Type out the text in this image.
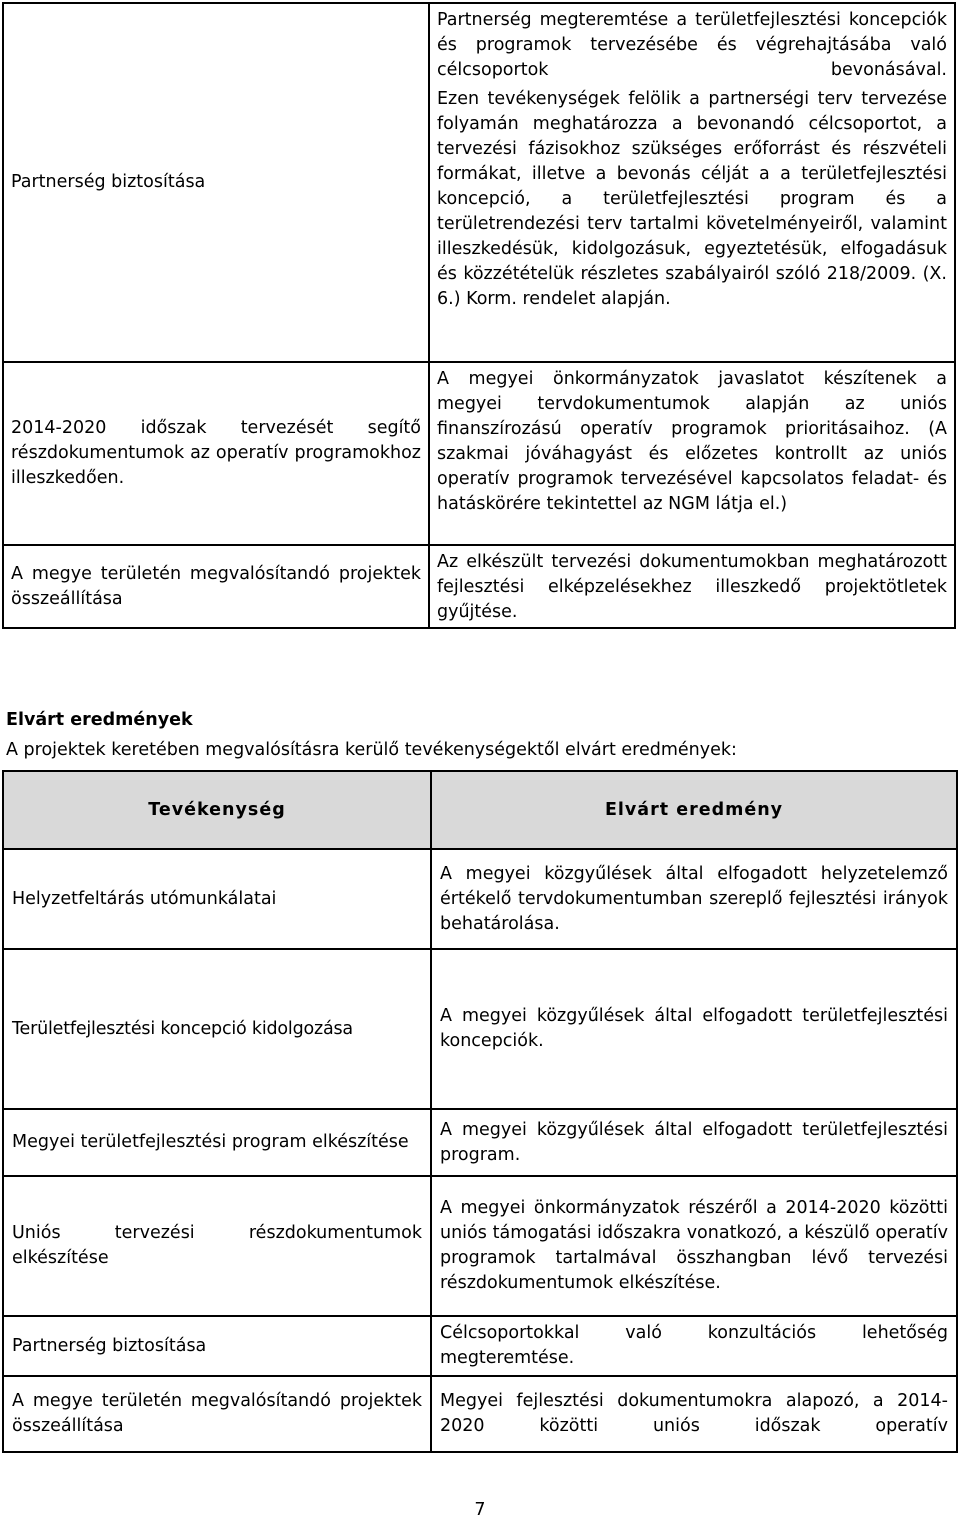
Partnerség biztosítása	Partnerség megteremtése a területfejlesztési koncepciók és programok tervezésébe és végrehajtásába való célcsoportok bevonásával.

Ezen tevékenységek felölik a partnerségi terv tervezése folyamán meghatározza a bevonandó célcsoportot, a tervezési fázisokhoz szükséges erőforrást és részvételi formákat, illetve a bevonás célját a a területfejlesztési koncepció, a területfejlesztési program és a területrendezési terv tartalmi követelményeiről, valamint illeszkedésük, kidolgozásuk, egyeztetésük, elfogadásuk és közzétételük részletes szabályairól szóló 218/2009. (X. 6.) Korm. rendelet alapján.

2014-2020 időszak tervezését segítő részdokumentumok az operatív programokhoz illeszkedően.	A megyei önkormányzatok javaslatot készítenek a megyei tervdokumentumok alapján az uniós finanszírozású operatív programok prioritásaihoz. (A szakmai jóváhagyást és előzetes kontrollt az uniós operatív programok tervezésével kapcsolatos feladat- és hatáskörére tekintettel az NGM látja el.)
A megye területén megvalósítandó projektek összeállítása	Az elkészült tervezési dokumentumokban meghatározott fejlesztési elképzelésekhez illeszkedő projektötletek gyűjtése.
Elvárt eredmények

A projektek keretében megvalósításra kerülő tevékenységektől elvárt eredmények:

Tevékenység	Elvárt eredmény
Helyzetfeltárás utómunkálatai	A megyei közgyűlések által elfogadott helyzetelemző értékelő tervdokumentumban szereplő fejlesztési irányok behatárolása.
Területfejlesztési koncepció kidolgozása	A megyei közgyűlések által elfogadott területfejlesztési koncepciók.
Megyei területfejlesztési program elkészítése	A megyei közgyűlések által elfogadott területfejlesztési program.
Uniós tervezési részdokumentumok elkészítése	A megyei önkormányzatok részéről a 2014-2020 közötti uniós támogatási időszakra vonatkozó, a készülő operatív programok tartalmával összhangban lévő tervezési részdokumentumok elkészítése.
Partnerség biztosítása	Célcsoportokkal való konzultációs lehetőség megteremtése.
A megye területén megvalósítandó projektek összeállítása	Megyei fejlesztési dokumentumokra alapozó, a 2014-2020 közötti uniós időszak operatív
7
